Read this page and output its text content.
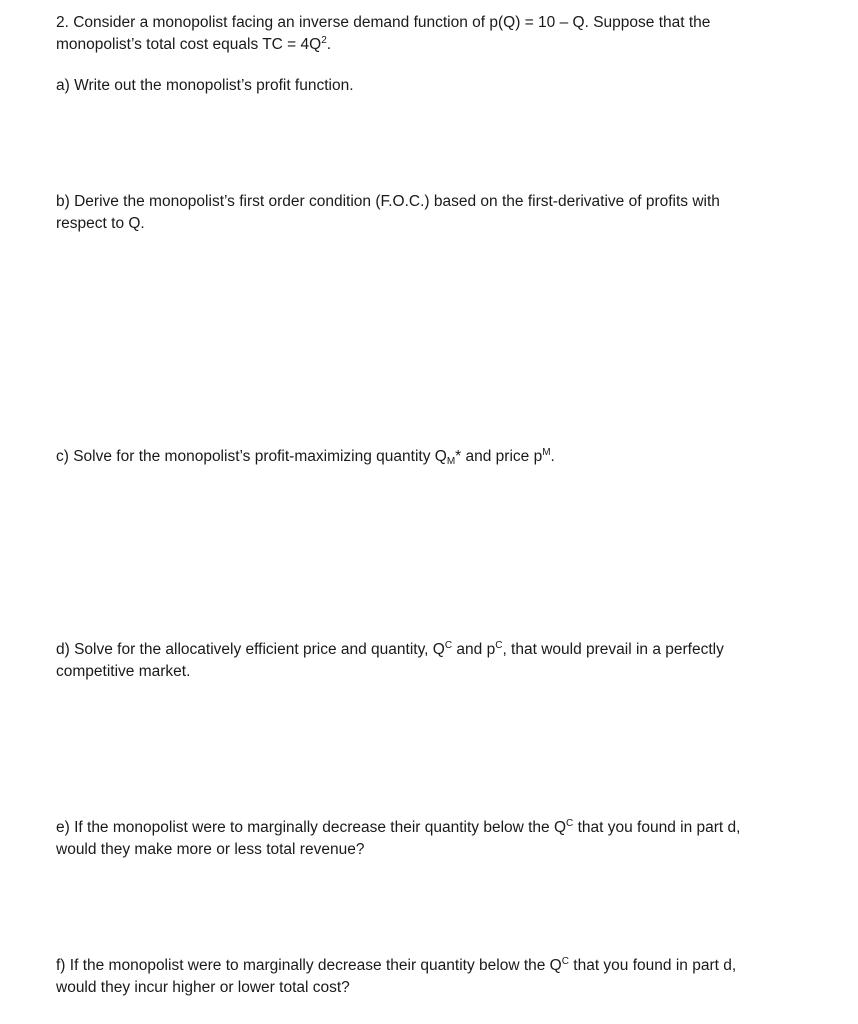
2. Consider a monopolist facing an inverse demand function of p(Q) = 10 – Q. Suppose that the
monopolist’s total cost equals TC = $4Q^2$.
a) Write out the monopolist’s profit function.
b) Derive the monopolist’s first order condition (F.O.C.) based on the first-derivative of profits with
respect to Q.
c) Solve for the monopolist’s profit-maximizing quantity $Q_M*$ and price $p^M$.
d) Solve for the allocatively efficient price and quantity, $Q^C$ and $p^C$, that would prevail in a perfectly
competitive market.
e) If the monopolist were to marginally decrease their quantity below the $Q^C$ that you found in part d,
would they make more or less total revenue?
f) If the monopolist were to marginally decrease their quantity below the $Q^C$ that you found in part d,
would they incur higher or lower total cost?
